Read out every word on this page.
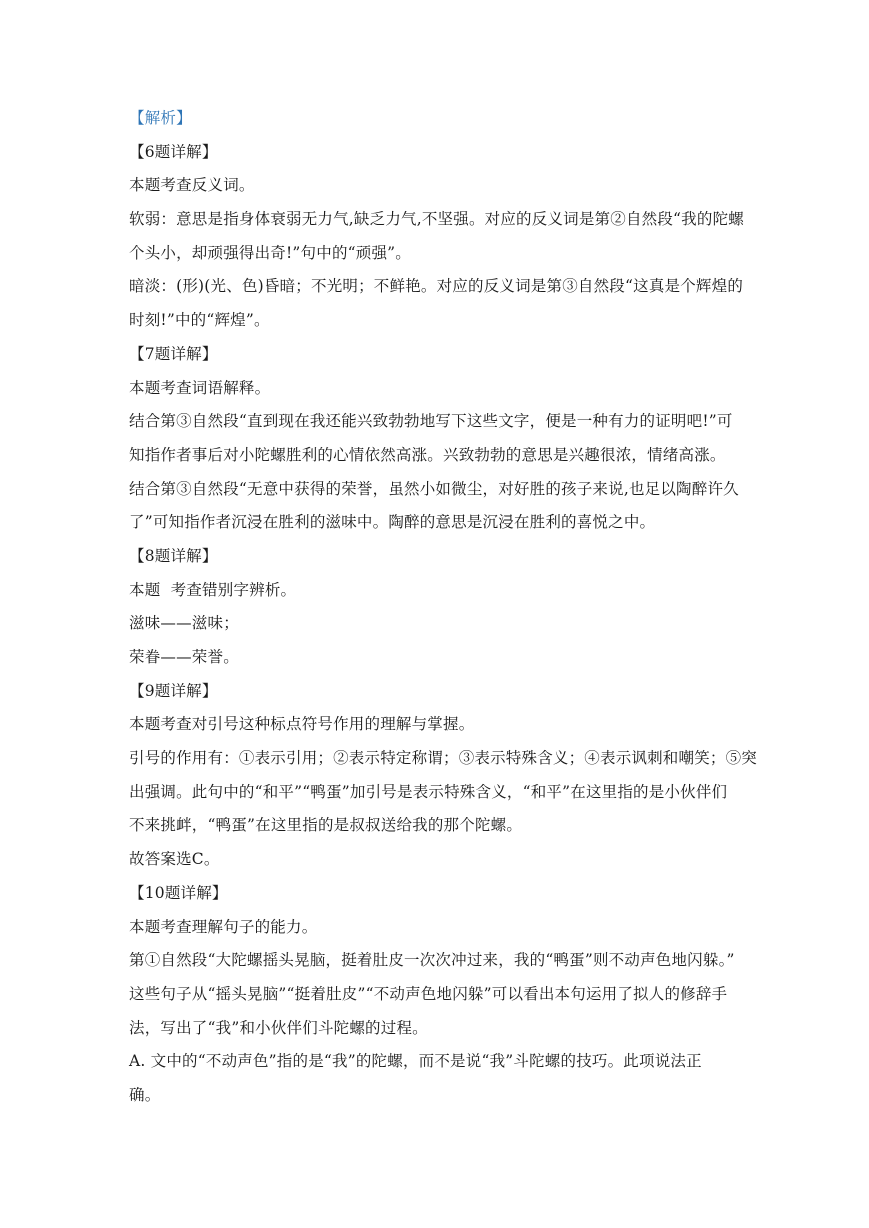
【解析】
【6题详解】
本题考查反义词。
软弱：意思是指身体衰弱无力气,缺乏力气,不坚强。对应的反义词是第②自然段“我的陀螺
个头小，却顽强得出奇!”句中的“顽强”。
暗淡：(形)(光、色)昏暗；不光明；不鲜艳。对应的反义词是第③自然段“这真是个辉煌的
时刻!”中的“辉煌”。
【7题详解】
本题考查词语解释。
结合第③自然段“直到现在我还能兴致勃勃地写下这些文字，便是一种有力的证明吧!”可
知指作者事后对小陀螺胜利的心情依然高涨。兴致勃勃的意思是兴趣很浓，情绪高涨。
结合第③自然段“无意中获得的荣誉，虽然小如微尘，对好胜的孩子来说,也足以陶醉许久
了”可知指作者沉浸在胜利的滋味中。陶醉的意思是沉浸在胜利的喜悦之中。
【8题详解】
本题  考查错别字辨析。
滋味——滋味；
荣眷——荣誉。
【9题详解】
本题考查对引号这种标点符号作用的理解与掌握。
引号的作用有：①表示引用；②表示特定称谓；③表示特殊含义；④表示讽刺和嘲笑；⑤突
出强调。此句中的“和平”“鸭蛋”加引号是表示特殊含义，“和平”在这里指的是小伙伴们
不来挑衅，“鸭蛋”在这里指的是叔叔送给我的那个陀螺。
故答案选C。
【10题详解】
本题考查理解句子的能力。
第①自然段“大陀螺摇头晃脑，挺着肚皮一次次冲过来，我的“鸭蛋”则不动声色地闪躲。”
这些句子从“摇头晃脑”“挺着肚皮”“不动声色地闪躲”可以看出本句运用了拟人的修辞手
法，写出了“我”和小伙伴们斗陀螺的过程。
A. 文中的“不动声色”指的是“我”的陀螺，而不是说“我”斗陀螺的技巧。此项说法正
确。
